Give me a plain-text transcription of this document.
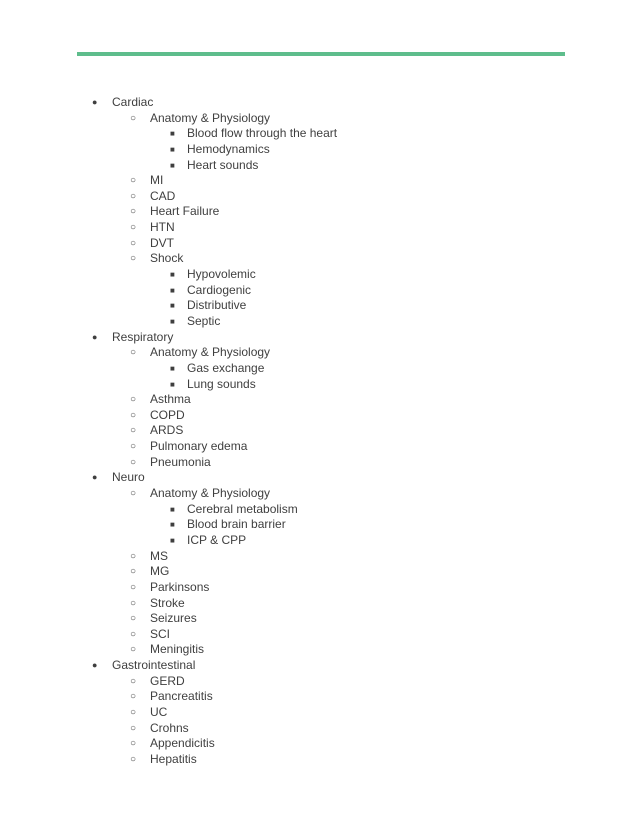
● Cardiac
○ Anatomy & Physiology
■ Blood flow through the heart
■ Hemodynamics
■ Heart sounds
○ MI
○ CAD
○ Heart Failure
○ HTN
○ DVT
○ Shock
■ Hypovolemic
■ Cardiogenic
■ Distributive
■ Septic
● Respiratory
○ Anatomy & Physiology
■ Gas exchange
■ Lung sounds
○ Asthma
○ COPD
○ ARDS
○ Pulmonary edema
○ Pneumonia
● Neuro
○ Anatomy & Physiology
■ Cerebral metabolism
■ Blood brain barrier
■ ICP & CPP
○ MS
○ MG
○ Parkinsons
○ Stroke
○ Seizures
○ SCI
○ Meningitis
● Gastrointestinal
○ GERD
○ Pancreatitis
○ UC
○ Crohns
○ Appendicitis
○ Hepatitis
